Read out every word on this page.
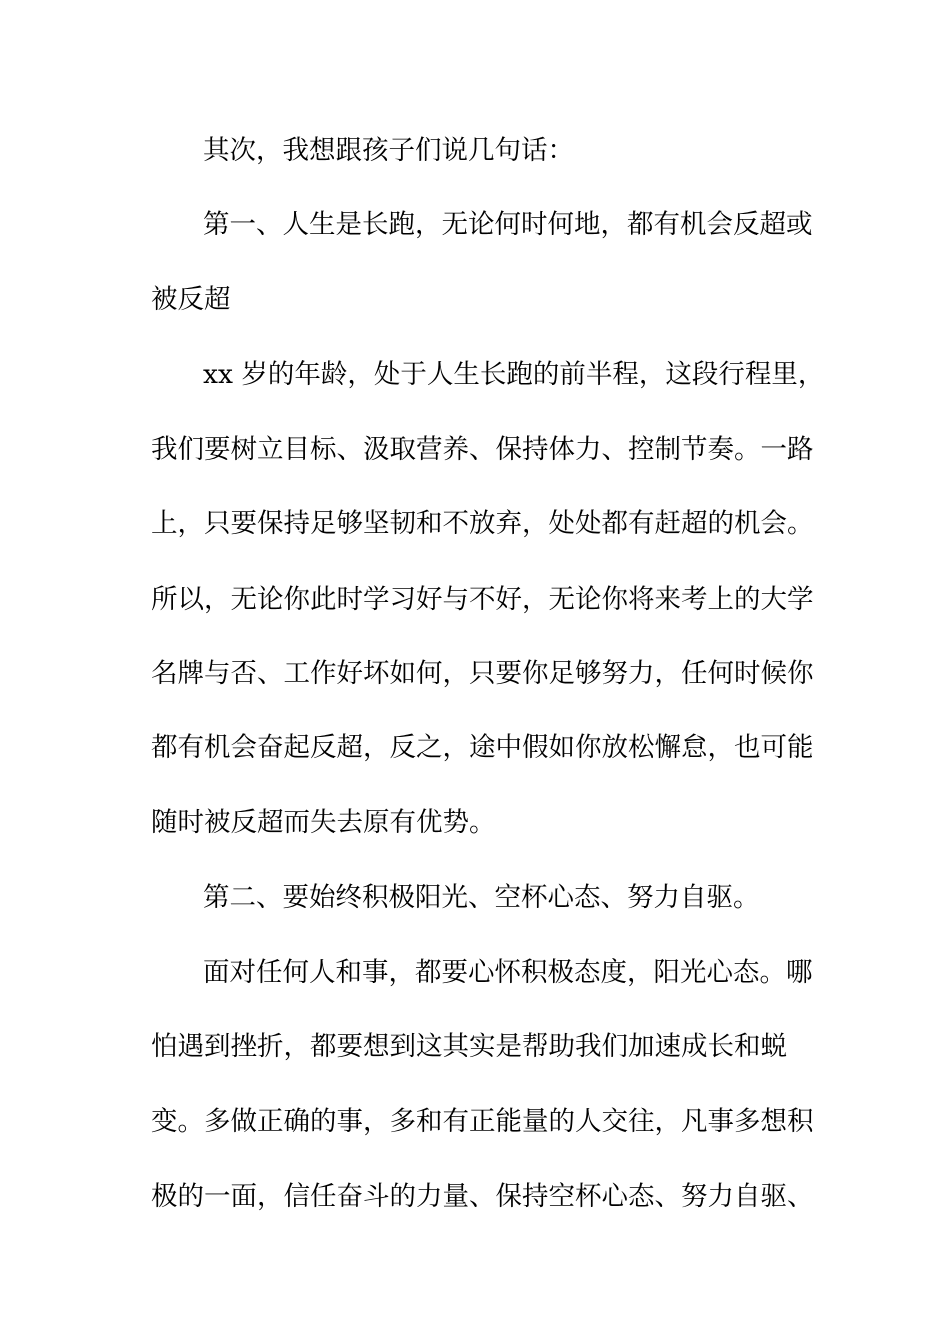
其次，我想跟孩子们说几句话：
第一、人生是长跑，无论何时何地，都有机会反超或
被反超
xx 岁的年龄，处于人生长跑的前半程，这段行程里，
我们要树立目标、汲取营养、保持体力、控制节奏。一路
上，只要保持足够坚韧和不放弃，处处都有赶超的机会。
所以，无论你此时学习好与不好，无论你将来考上的大学
名牌与否、工作好坏如何，只要你足够努力，任何时候你
都有机会奋起反超，反之，途中假如你放松懈怠，也可能
随时被反超而失去原有优势。
第二、要始终积极阳光、空杯心态、努力自驱。
面对任何人和事，都要心怀积极态度，阳光心态。哪
怕遇到挫折，都要想到这其实是帮助我们加速成长和蜕
变。多做正确的事，多和有正能量的人交往，凡事多想积
极的一面，信任奋斗的力量、保持空杯心态、努力自驱、
